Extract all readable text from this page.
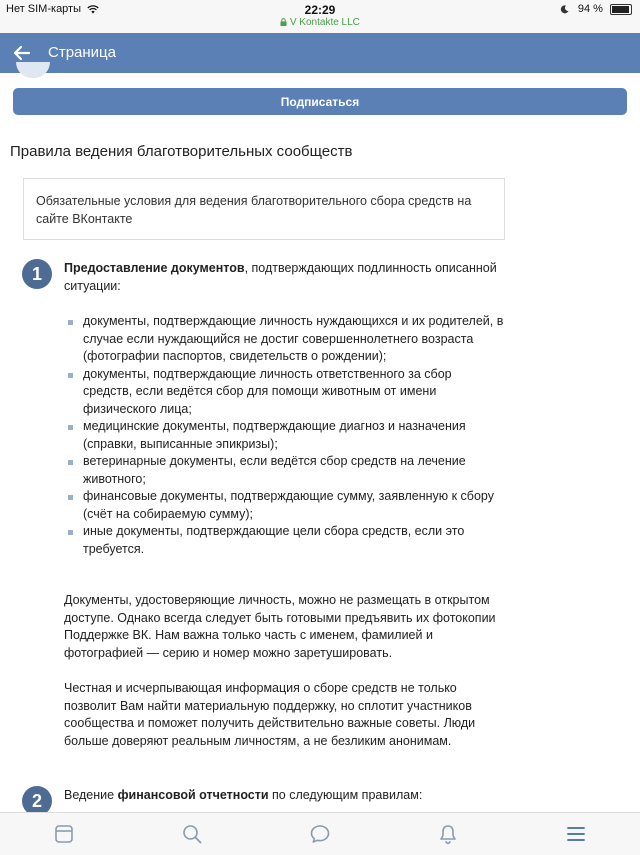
Нет SIM-карты	22:29
V Kontakte LLC
94 %
Страница
Подписаться
Правила ведения благотворительных сообществ
Обязательные условия для ведения благотворительного сбора средств на сайте ВКонтакте
1	Предоставление документов, подтверждающих подлинность описанной ситуации:
документы, подтверждающие личность нуждающихся и их родителей, в случае если нуждающийся не достиг совершеннолетнего возраста (фотографии паспортов, свидетельств о рождении);
документы, подтверждающие личность ответственного за сбор средств, если ведётся сбор для помощи животным от имени физического лица;
медицинские документы, подтверждающие диагноз и назначения (справки, выписанные эпикризы);
ветеринарные документы, если ведётся сбор средств на лечение животного;
финансовые документы, подтверждающие сумму, заявленную к сбору (счёт на собираемую сумму);
иные документы, подтверждающие цели сбора средств, если это требуется.
Документы, удостоверяющие личность, можно не размещать в открытом доступе. Однако всегда следует быть готовыми предъявить их фотокопии Поддержке ВК. Нам важна только часть с именем, фамилией и фотографией — серию и номер можно заретушировать.
Честная и исчерпывающая информация о сборе средств не только позволит Вам найти материальную поддержку, но сплотит участников сообщества и поможет получить действительно важные советы. Люди больше доверяют реальным личностям, а не безликим анонимам.
2	Ведение финансовой отчетности по следующим правилам:
